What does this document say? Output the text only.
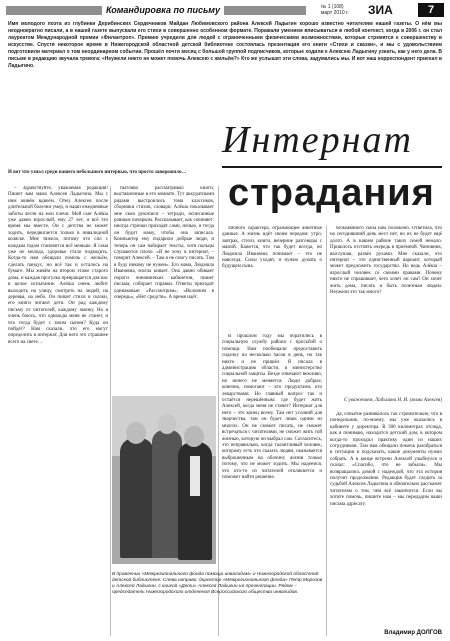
Командировка по письму	№ 1 (108)
март 2010 г.	ЗИА	7
Имя молодого поэта из глубинки Дерибинских Сердечников Майдан Любимовского района Алексей Ладыгин хорошо известно читателям нашей газеты. О нём мы неоднократно писали, а в нашей газете выпускали его стихи в совершенно особенном формате. Поражали умением вписываться в любой контекст, когда в 2006 г. он стал лауреатом Международной премии «Филантроп». Премию учредили для людей с ограниченными физическими возможностями, которые стремятся к совершенству в искусстве. Спустя некоторое время в Нижегородской областной детской библиотеке состоялась презентация его книги «Стихи и сказки», и мы с удовольствием подготовили материал о том неординарном событии. Прошёл почти месяц с большой группой подписчиков, которые ходили к Алексею Ладыгину узнать, как у него дела. В письме в редакцию звучала тревога: «Неужели никто не может помочь Алексею с жильём?» Кто же услышит эти слова, задумались мы. И вот наш корреспондент приехал в Ладыгино.
И вот что узнал среди нашего небольшого интервью, что просто заворожило…
Интернат
страдания

– Здравствуйте, уважаемая редакция! Пишет вам мама Алексея Ладыгина. Мы с ним живём вдвоём. Отец Алексея после длительной болезни умер, и наши ежедневные заботы легли на мои плечи. Мой сын Алёша уже давно взрослый, ему 27 лет, и всё это время мы вместе. Он с детства не может ходить, передвигается только в инвалидной коляске. Мне тяжело, потому что сил с каждым годом становится всё меньше. Я сама уже не молода, здоровье стало подводить. Когда-то нам обещали помочь с жильём, сделать пандус, но всё так и осталось на бумаге. Мы живём на втором этаже старого дома, и каждая прогулка превращается для нас в целое испытание. Алёша очень любит выходить на улицу, смотреть на людей, на деревья, на небо. Он пишет стихи и сказки, его книги читают дети. Он рад каждому письму от читателей, каждому звонку. Но я очень боюсь, что однажды меня не станет, и что тогда будет с моим сыном? Куда он пойдёт? Нам сказали, что его могут определить в интернат. Для него это страшнее всего на свете…

пытливо рассматривал книги, выставленные в его комнате. Тут аккуратными рядами выстроились тома классиков, сборники стихов, словари. Алёша показывает мне свои рукописи – тетради, исписанные ровным почерком. Рассказывает, как сочиняет: иногда строчки приходят сами, ночью, и тогда он будит маму, чтобы она записала. Компьютер ему подарили добрые люди, и теперь он сам набирает тексты, хотя пальцы слушаются плохо. «Я не хочу в интернат, – говорит Алексей. – Там я не смогу писать. Там я буду никому не нужен». Его мама, Людмила Ивановна, молча кивает. Она давно обивает пороги чиновничьих кабинетов, пишет письма, собирает справки. Ответы приходят одинаковые: «Рассмотрим», «Включим в очередь», «Нет средств». А время идёт.

личного характера, отражающие анкетные данные. А жизнь идёт своим чередом: утро, завтрак, стихи, книги, вечерние разговоры с мамой. Кажется, что так будет всегда, но Людмила Ивановна понимает – это не навсегда. Силы уходят, и нужно думать о будущем сына.

В прошлом году мы обратились в социальную службу района с просьбой о помощи. Нам пообещали предоставить сиделку на несколько часов в день, но так никто и не пришёл. Я писала в администрацию области, в министерство социальной защиты. Везде отвечают вежливо, но ничего не меняется. Люди добрые, конечно, помогают – кто продуктами, кто лекарствами. Но главный вопрос так и остаётся нерешённым: где будет жить Алексей, когда меня не станет? Интернат для него – это конец всему. Там нет условий для творчества, там он будет лишь одним из многих. Он не сможет писать, не сможет встречаться с читателями, не сможет жить той жизнью, которую он выбрал сам. Согласитесь, это неправильно, когда талантливый человек, которому есть что сказать людям, оказывается выброшенным на обочину жизни только потому, что не может ходить. Мы надеемся, что кто-то из читателей откликнется и поможет найти решение.

безымянного сына нам положено. Ответила, что на сегодняшний день мест нет, но их не будет ещё долго. А в нашем районе таких семей немало. Пришлось отстоять очередь в приёмной. Чиновник, выслушав, развёл руками. Мне сказали, что интернат – это единственный вариант, который может предложить государство. Но ведь Алёша – взрослый человек со своими правами. Почему никто не спрашивает, чего хочет он сам? Он хочет жить дома, писать и быть полезным людям. Неужели это так много?

С уважением, Ладыгина Н. И. (мама Алексея)

Да, событие развивалось так стремительно, что в понедельник, по-моему, мы уже оказались в кабинете у директора. В 300 километрах отсюда, как я понимаю, находится детский дом, в котором когда-то проходил практику один из наших сотрудников. Там нам обещали помочь разобраться в ситуации и подсказать, какие документы нужно собрать. А в конце встречи Алексей улыбнулся и сказал: «Спасибо, что не забыли». Мы возвращались домой с надеждой, что эта история получит продолжение. Редакция будет следить за судьбой Алексея Ладыгина и обязательно расскажет читателям о том, чем всё закончится. Если вы хотите помочь, пишите нам – мы передадим ваши письма адресату.

В правлении «Межрегионального фонда помощи инвалидам» и Нижегородской областной детской библиотеке. Слева направо: директор «Межрегионального фонда» Петр Морозов и Алексей Ладыгин, с книгой «Дети» Алексей Ладыгин на презентации. Рядом – председатель Нижегородского отделения Всероссийского общества инвалидов.
Владимир ДОЛГОВ
